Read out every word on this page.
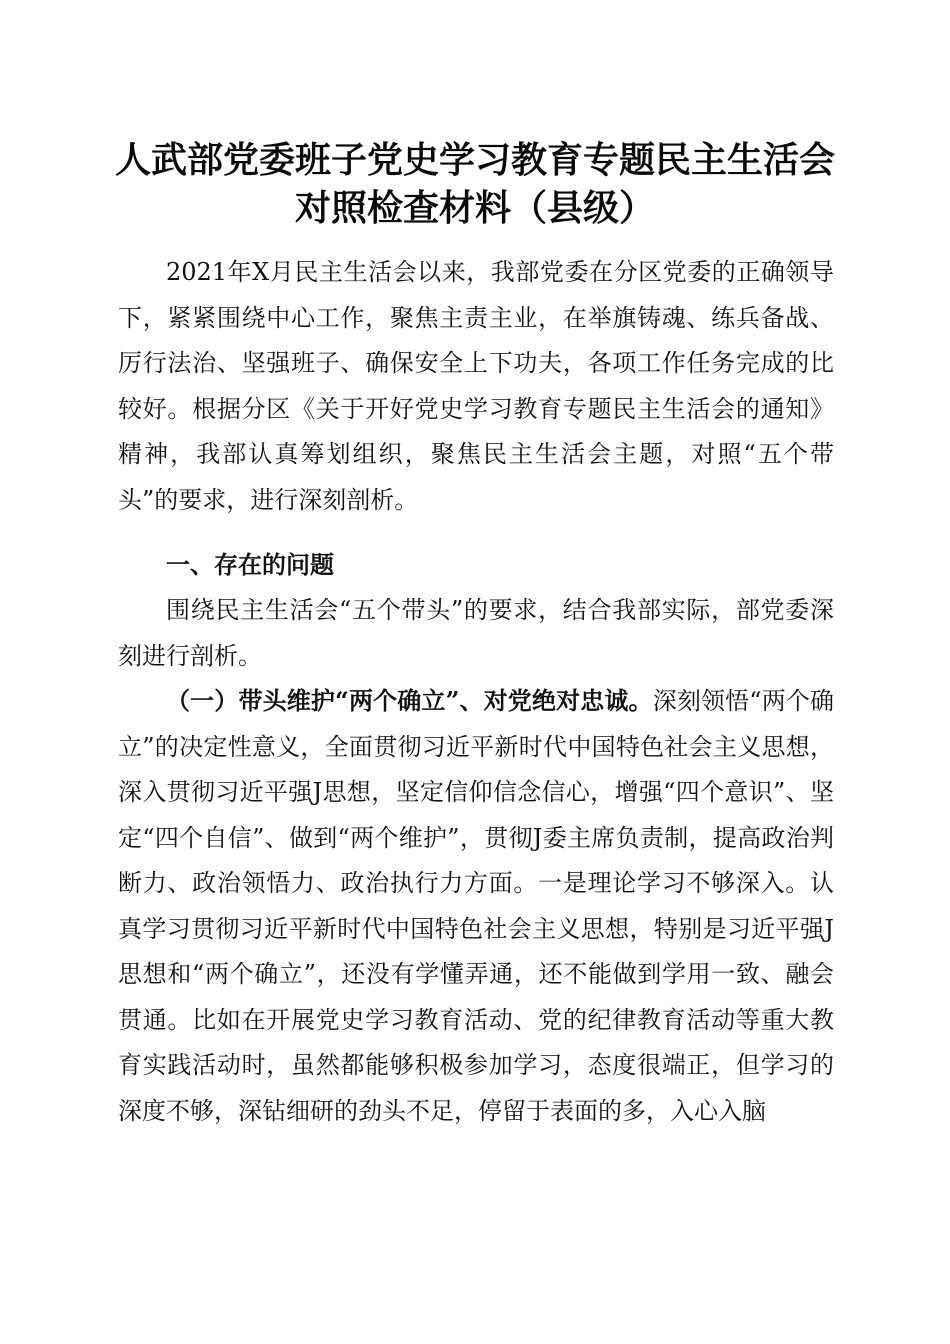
人武部党委班子党史学习教育专题民主生活会
对照检查材料（县级）

2021年X月民主生活会以来，我部党委在分区党委的正确领导下，紧紧围绕中心工作，聚焦主责主业，在举旗铸魂、练兵备战、厉行法治、坚强班子、确保安全上下功夫，各项工作任务完成的比较好。根据分区《关于开好党史学习教育专题民主生活会的通知》精神，我部认真筹划组织，聚焦民主生活会主题，对照“五个带头”的要求，进行深刻剖析。

一、存在的问题

围绕民主生活会“五个带头”的要求，结合我部实际，部党委深刻进行剖析。

（一）带头维护“两个确立”、对党绝对忠诚。深刻领悟“两个确立”的决定性意义，全面贯彻习近平新时代中国特色社会主义思想，深入贯彻习近平强J思想，坚定信仰信念信心，增强“四个意识”、坚定“四个自信”、做到“两个维护”，贯彻J委主席负责制，提高政治判断力、政治领悟力、政治执行力方面。一是理论学习不够深入。认真学习贯彻习近平新时代中国特色社会主义思想，特别是习近平强J思想和“两个确立”，还没有学懂弄通，还不能做到学用一致、融会贯通。比如在开展党史学习教育活动、党的纪律教育活动等重大教育实践活动时，虽然都能够积极参加学习，态度很端正，但学习的深度不够，深钻细研的劲头不足，停留于表面的多，入心入脑
